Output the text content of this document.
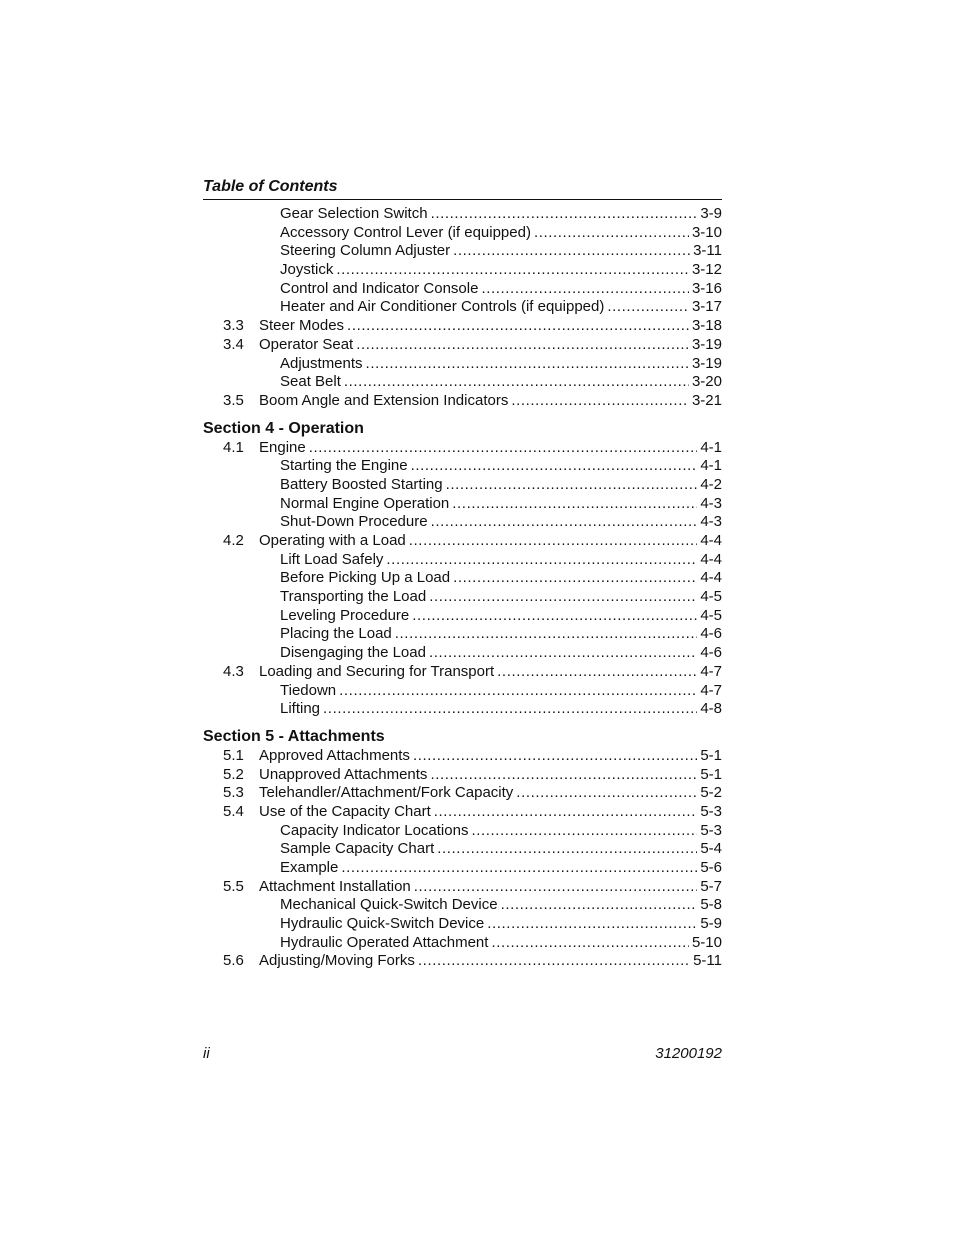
Table of Contents
Gear Selection Switch .....	3-9
Accessory Control Lever (if equipped) .....	3-10
Steering Column Adjuster .....	3-11
Joystick .....	3-12
Control and Indicator Console .....	3-16
Heater and Air Conditioner Controls (if equipped) .....	3-17
3.3	Steer Modes .....	3-18
3.4	Operator Seat .....	3-19
Adjustments .....	3-19
Seat Belt .....	3-20
3.5	Boom Angle and Extension Indicators .....	3-21
Section 4 - Operation
4.1	Engine .....	4-1
Starting the Engine .....	4-1
Battery Boosted Starting .....	4-2
Normal Engine Operation .....	4-3
Shut-Down Procedure .....	4-3
4.2	Operating with a Load .....	4-4
Lift Load Safely .....	4-4
Before Picking Up a Load .....	4-4
Transporting the Load .....	4-5
Leveling Procedure .....	4-5
Placing the Load .....	4-6
Disengaging the Load .....	4-6
4.3	Loading and Securing for Transport .....	4-7
Tiedown .....	4-7
Lifting .....	4-8
Section 5 - Attachments
5.1	Approved Attachments .....	5-1
5.2	Unapproved Attachments .....	5-1
5.3	Telehandler/Attachment/Fork Capacity .....	5-2
5.4	Use of the Capacity Chart .....	5-3
Capacity Indicator Locations .....	5-3
Sample Capacity Chart .....	5-4
Example .....	5-6
5.5	Attachment Installation .....	5-7
Mechanical Quick-Switch Device .....	5-8
Hydraulic Quick-Switch Device .....	5-9
Hydraulic Operated Attachment .....	5-10
5.6	Adjusting/Moving Forks .....	5-11
ii	31200192
